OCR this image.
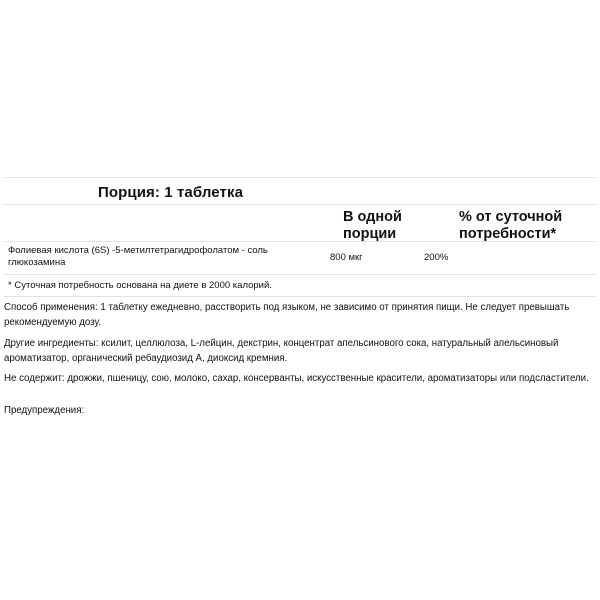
Порция: 1 таблетка
В одной порции
% от суточной потребности*
Фолиевая кислота (6S) -5-метилтетрагидрофолатом - соль глюкозамина	800 мкг	200%
* Суточная потребность основана на диете в 2000 калорий.
Способ применения: 1 таблетку ежедневно, расстворить под языком, не зависимо от принятия пищи. Не следует превышать рекомендуемую дозу.
Другие ингредиенты: ксилит, целлюлоза, L-лейцин, декстрин, концентрат апельсинового сока, натуральный апельсиновый ароматизатор, органический ребаудиозид А, диоксид кремния.
Не содержит: дрожжи, пшеницу, сою, молоко, сахар, консерванты, искусственные красители, ароматизаторы или подсластители.
Предупреждения:
